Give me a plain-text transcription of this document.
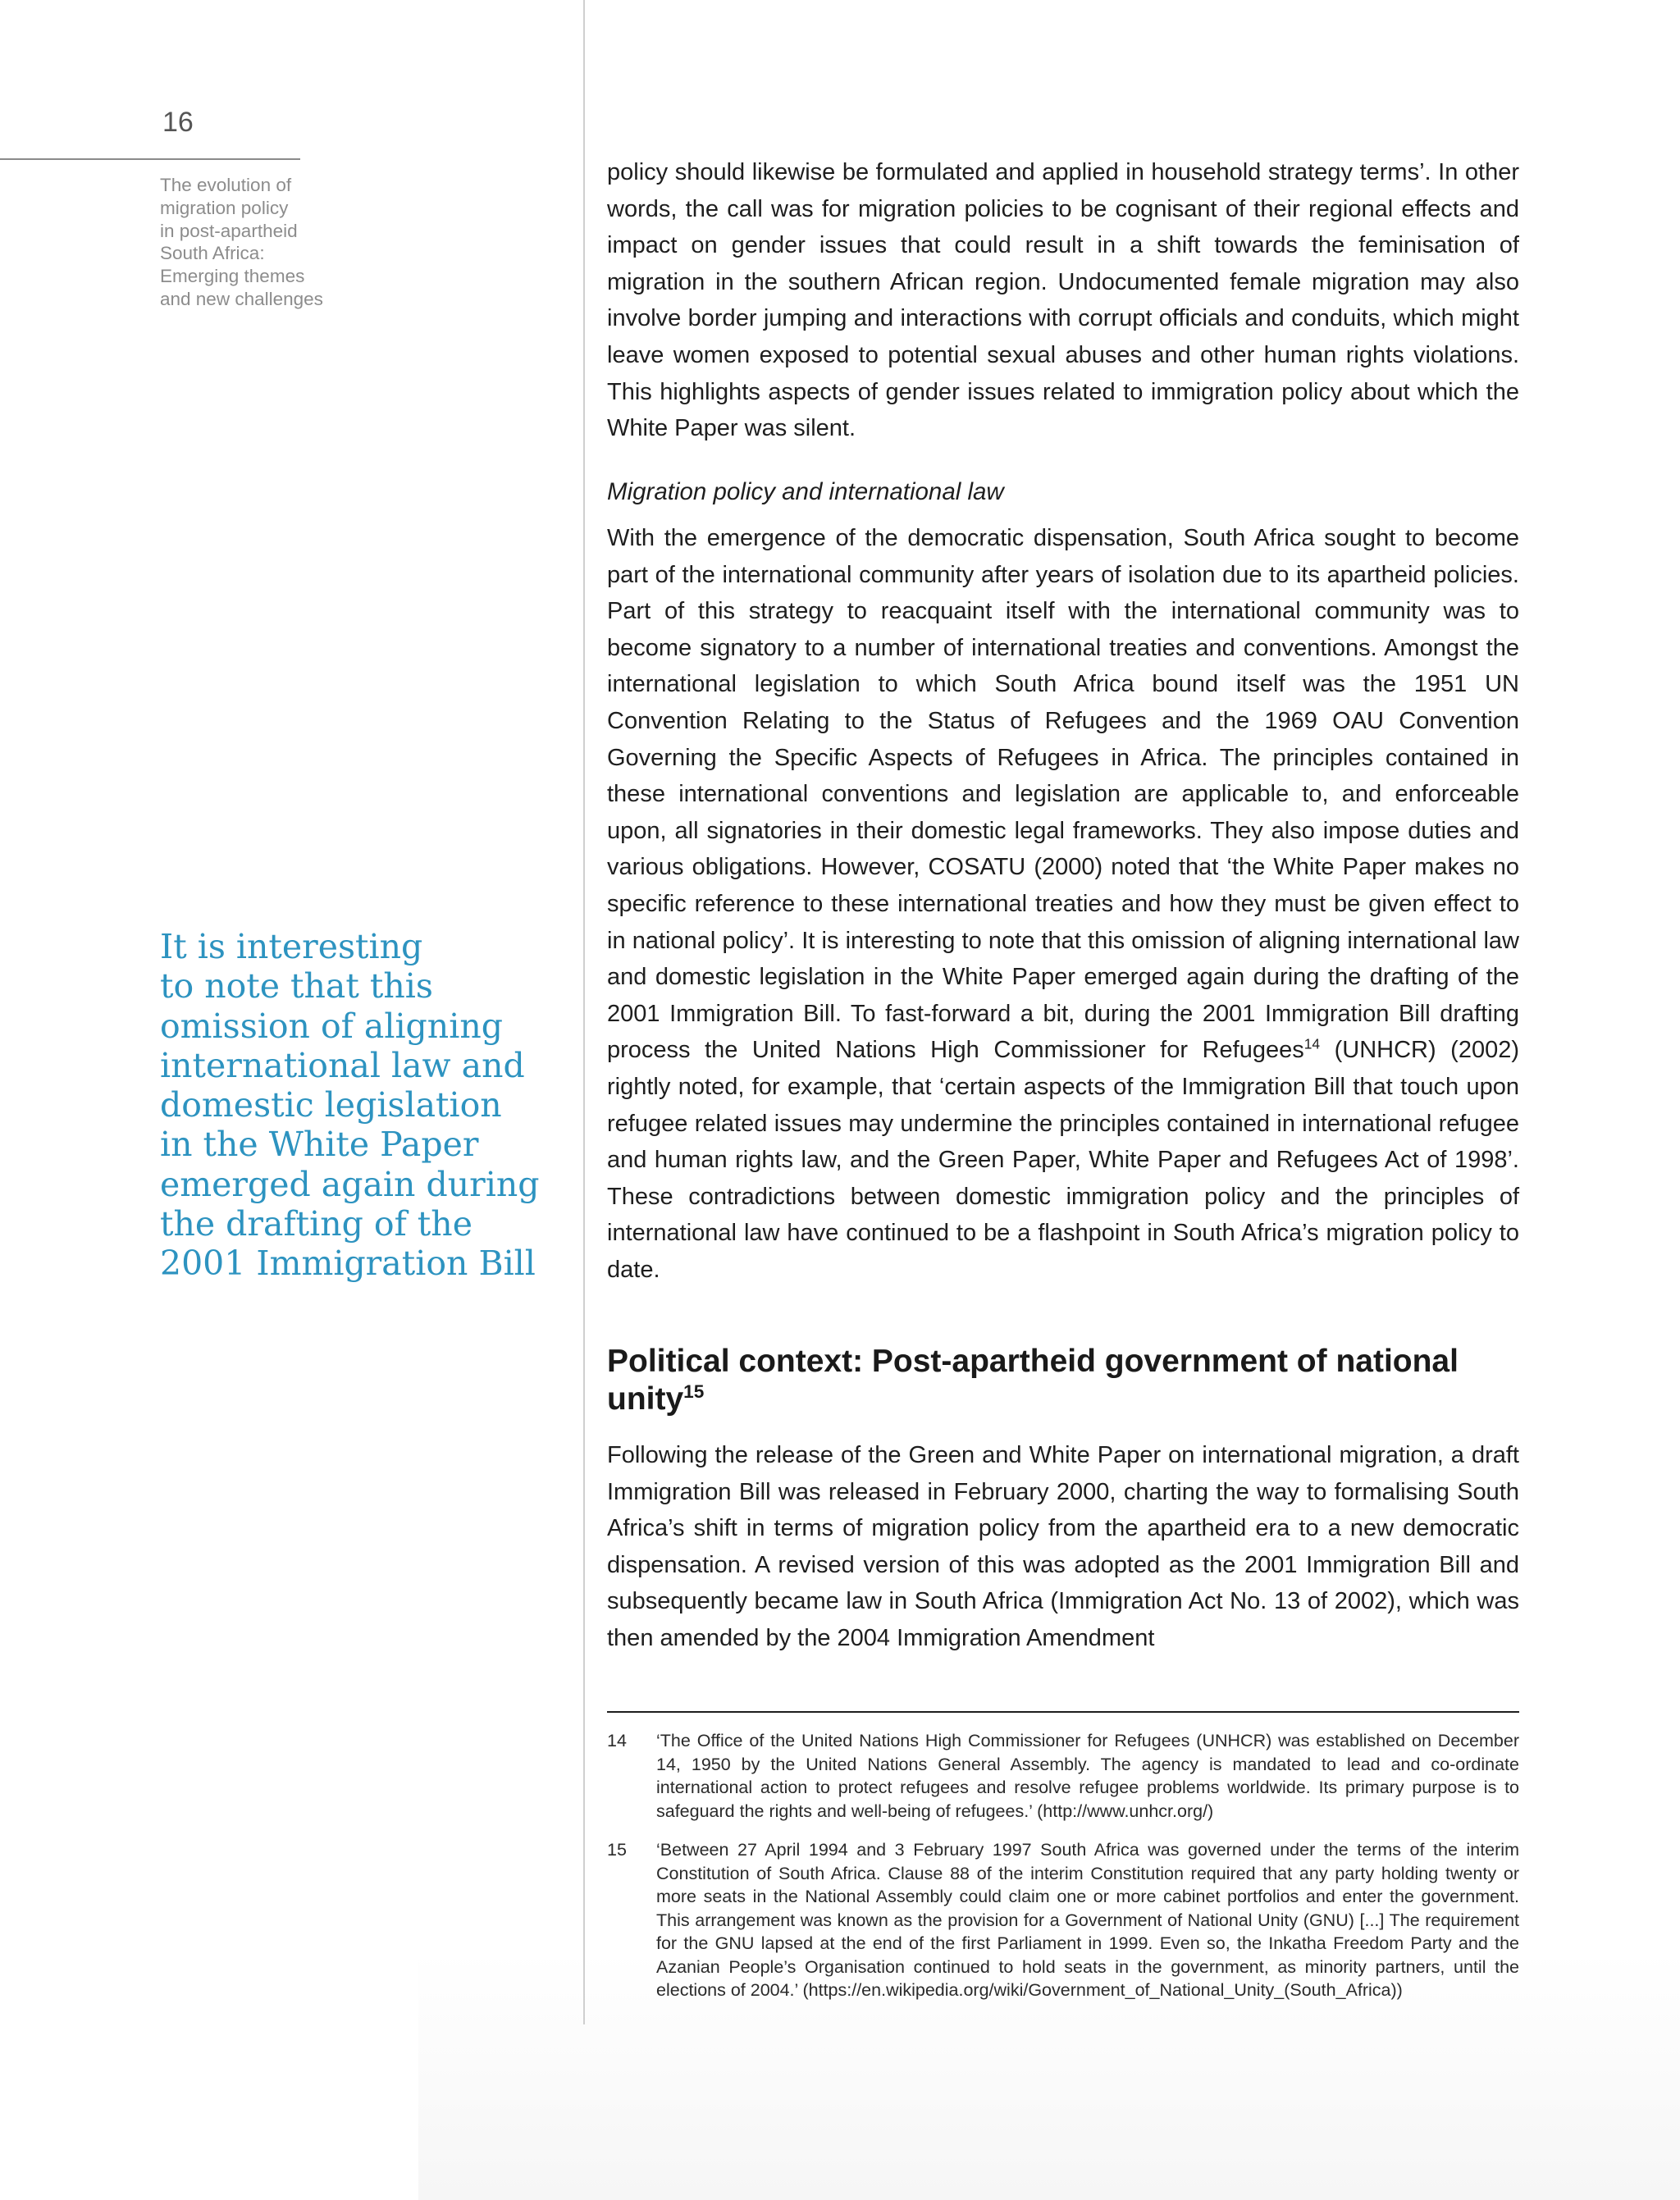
16
The evolution of
migration policy
in post-apartheid
South Africa:
Emerging themes
and new challenges
It is interesting
to note that this
omission of aligning
international law and
domestic legislation
in the White Paper
emerged again during
the drafting of the
2001 Immigration Bill

policy should likewise be formulated and applied in household strategy terms’. In other words, the call was for migration policies to be cognisant of their regional effects and impact on gender issues that could result in a shift towards the feminisation of migration in the southern African region. Undocumented female migration may also involve border jumping and interactions with corrupt officials and conduits, which might leave women exposed to potential sexual abuses and other human rights violations. This highlights aspects of gender issues related to immigration policy about which the White Paper was silent.

Migration policy and international law

With the emergence of the democratic dispensation, South Africa sought to become part of the international community after years of isolation due to its apartheid policies. Part of this strategy to reacquaint itself with the international community was to become signatory to a number of international treaties and conventions. Amongst the international legislation to which South Africa bound itself was the 1951 UN Convention Relating to the Status of Refugees and the 1969 OAU Convention Governing the Specific Aspects of Refugees in Africa. The principles contained in these international conventions and legislation are applicable to, and enforceable upon, all signatories in their domestic legal frameworks. They also impose duties and various obligations. However, COSATU (2000) noted that ‘the White Paper makes no specific reference to these international treaties and how they must be given effect to in national policy’. It is interesting to note that this omission of aligning international law and domestic legislation in the White Paper emerged again during the drafting of the 2001 Immigration Bill. To fast-forward a bit, during the 2001 Immigration Bill drafting process the United Nations High Commissioner for Refugees$^{14}$ (UNHCR) (2002) rightly noted, for example, that ‘certain aspects of the Immigration Bill that touch upon refugee related issues may undermine the principles contained in international refugee and human rights law, and the Green Paper, White Paper and Refugees Act of 1998’. These contradictions between domestic immigration policy and the principles of international law have continued to be a flashpoint in South Africa’s migration policy to date.

Political context: Post-apartheid government of national unity$^{15}$

Following the release of the Green and White Paper on international migration, a draft Immigration Bill was released in February 2000, charting the way to formalising South Africa’s shift in terms of migration policy from the apartheid era to a new democratic dispensation. A revised version of this was adopted as the 2001 Immigration Bill and subsequently became law in South Africa (Immigration Act No. 13 of 2002), which was then amended by the 2004 Immigration Amendment

14 ‘The Office of the United Nations High Commissioner for Refugees (UNHCR) was established on December 14, 1950 by the United Nations General Assembly. The agency is mandated to lead and co-ordinate international action to protect refugees and resolve refugee problems worldwide. Its primary purpose is to safeguard the rights and well-being of refugees.’ (http://www.unhcr.org/)
15 ‘Between 27 April 1994 and 3 February 1997 South Africa was governed under the terms of the interim Constitution of South Africa. Clause 88 of the interim Constitution required that any party holding twenty or more seats in the National Assembly could claim one or more cabinet portfolios and enter the government. This arrangement was known as the provision for a Government of National Unity (GNU) [...] The requirement for the GNU lapsed at the end of the first Parliament in 1999. Even so, the Inkatha Freedom Party and the Azanian People’s Organisation continued to hold seats in the government, as minority partners, until the elections of 2004.’ (https://en.wikipedia.org/wiki/Government_of_National_Unity_(South_Africa))
